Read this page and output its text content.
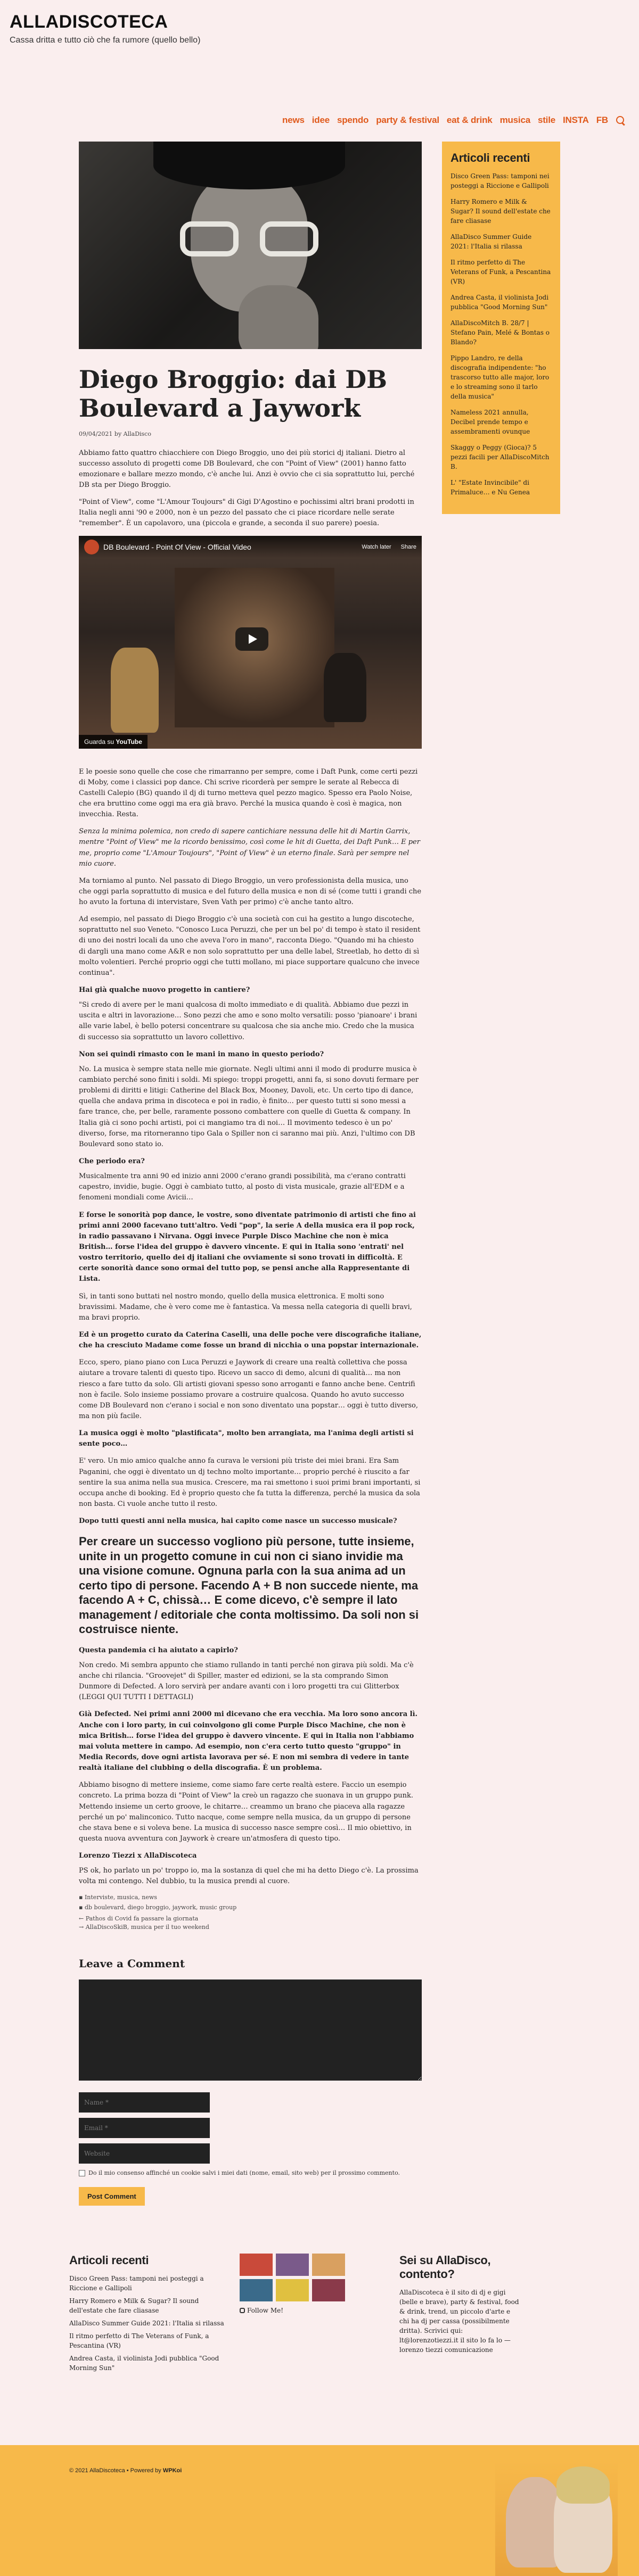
ALLADISCOTECA
Cassa dritta e tutto ciò che fa rumore (quello bello)
news idee spendo party & festival eat & drink musica stile INSTA FB
Diego Broggio: dai DB Boulevard a Jaywork
09/04/2021 by AllaDisco

Abbiamo fatto quattro chiacchiere con Diego Broggio, uno dei più storici dj italiani. Dietro al successo assoluto di progetti come DB Boulevard, che con "Point of View" (2001) hanno fatto emozionare e ballare mezzo mondo, c'è anche lui. Anzi è ovvio che ci sia soprattutto lui, perché DB sta per Diego Broggio.

"Point of View", come "L'Amour Toujours" di Gigi D'Agostino e pochissimi altri brani prodotti in Italia negli anni '90 e 2000, non è un pezzo del passato che ci piace ricordare nelle serate "remember". È un capolavoro, una (piccola e grande, a seconda il suo parere) poesia.

DB Boulevard - Point Of View - Official Video	Watch later Share
Guarda su YouTube

E le poesie sono quelle che cose che rimarranno per sempre, come i Daft Punk, come certi pezzi di Moby, come i classici pop dance. Chi scrive ricorderà per sempre le serate al Rebecca di Castelli Calepio (BG) quando il dj di turno metteva quel pezzo magico. Spesso era Paolo Noise, che era bruttino come oggi ma era già bravo. Perché la musica quando è così è magica, non invecchia. Resta.

Senza la minima polemica, non credo di sapere cantichiare nessuna delle hit di Martin Garrix, mentre "Point of View" me la ricordo benissimo, così come le hit di Guetta, dei Daft Punk… E per me, proprio come "L'Amour Toujours", "Point of View" è un eterno finale. Sarà per sempre nel mio cuore.

Ma torniamo al punto. Nel passato di Diego Broggio, un vero professionista della musica, uno che oggi parla soprattutto di musica e del futuro della musica e non di sé (come tutti i grandi che ho avuto la fortuna di intervistare, Sven Vath per primo) c'è anche tanto altro.

Ad esempio, nel passato di Diego Broggio c'è una società con cui ha gestito a lungo discoteche, soprattutto nel suo Veneto. "Conosco Luca Peruzzi, che per un bel po' di tempo è stato il resident di uno dei nostri locali da uno che aveva l'oro in mano", racconta Diego. "Quando mi ha chiesto di dargli una mano come A&R e non solo soprattutto per una delle label, Streetlab, ho detto di sì molto volentieri. Perché proprio oggi che tutti mollano, mi piace supportare qualcuno che invece continua".

Hai già qualche nuovo progetto in cantiere?

"Si credo di avere per le mani qualcosa di molto immediato e di qualità. Abbiamo due pezzi in uscita e altri in lavorazione… Sono pezzi che amo e sono molto versatili: posso 'pianoare' i brani alle varie label, è bello potersi concentrare su qualcosa che sia anche mio. Credo che la musica di successo sia soprattutto un lavoro collettivo.

Non sei quindi rimasto con le mani in mano in questo periodo?

No. La musica è sempre stata nelle mie giornate. Negli ultimi anni il modo di produrre musica è cambiato perché sono finiti i soldi. Mi spiego: troppi progetti, anni fa, si sono dovuti fermare per problemi di diritti e litigi: Catherine del Black Box, Mooney, Davoli, etc. Un certo tipo di dance, quella che andava prima in discoteca e poi in radio, è finito… per questo tutti si sono messi a fare trance, che, per belle, raramente possono combattere con quelle di Guetta & company. In Italia già ci sono pochi artisti, poi ci mangiamo tra di noi… Il movimento tedesco è un po' diverso, forse, ma ritorneranno tipo Gala o Spiller non ci saranno mai più. Anzi, l'ultimo con DB Boulevard sono stato io.

Che periodo era?

Musicalmente tra anni 90 ed inizio anni 2000 c'erano grandi possibilità, ma c'erano contratti capestro, invidie, bugie. Oggi è cambiato tutto, al posto di vista musicale, grazie all'EDM e a fenomeni mondiali come Avicii…

E forse le sonorità pop dance, le vostre, sono diventate patrimonio di artisti che fino ai primi anni 2000 facevano tutt'altro. Vedi "pop", la serie A della musica era il pop rock, in radio passavano i Nirvana. Oggi invece Purple Disco Machine che non è mica British… forse l'idea del gruppo è davvero vincente. E qui in Italia sono 'entrati' nel vostro territorio, quello dei dj italiani che ovviamente si sono trovati in difficoltà. E certe sonorità dance sono ormai del tutto pop, se pensi anche alla Rappresentante di Lista.

Sì, in tanti sono buttati nel nostro mondo, quello della musica elettronica. E molti sono bravissimi. Madame, che è vero come me è fantastica. Va messa nella categoria di quelli bravi, ma bravi proprio.

Ed è un progetto curato da Caterina Caselli, una delle poche vere discografiche italiane, che ha cresciuto Madame come fosse un brand di nicchia o una popstar internazionale.

Ecco, spero, piano piano con Luca Peruzzi e Jaywork di creare una realtà collettiva che possa aiutare a trovare talenti di questo tipo. Ricevo un sacco di demo, alcuni di qualità… ma non riesco a fare tutto da solo. Gli artisti giovani spesso sono arroganti e fanno anche bene. Centrifi non è facile. Solo insieme possiamo provare a costruire qualcosa. Quando ho avuto successo come DB Boulevard non c'erano i social e non sono diventato una popstar… oggi è tutto diverso, ma non più facile.

La musica oggi è molto "plastificata", molto ben arrangiata, ma l'anima degli artisti si sente poco…

E' vero. Un mio amico qualche anno fa curava le versioni più triste dei miei brani. Era Sam Paganini, che oggi è diventato un dj techno molto importante… proprio perché è riuscito a far sentire la sua anima nella sua musica. Crescere, ma rai smettono i suoi primi brani importanti, si occupa anche di booking. Ed è proprio questo che fa tutta la differenza, perché la musica da sola non basta. Ci vuole anche tutto il resto.

Dopo tutti questi anni nella musica, hai capito come nasce un successo musicale?

Per creare un successo vogliono più persone, tutte insieme, unite in un progetto comune in cui non ci siano invidie ma una visione comune. Ognuna parla con la sua anima ad un certo tipo di persone. Facendo A + B non succede niente, ma facendo A + C, chissà… E come dicevo, c'è sempre il lato management / editoriale che conta moltissimo. Da soli non si costruisce niente.

Questa pandemia ci ha aiutato a capirlo?

Non credo. Mi sembra appunto che stiamo rullando in tanti perché non girava più soldi. Ma c'è anche chi rilancia. "Groovejet" di Spiller, master ed edizioni, se la sta comprando Simon Dunmore di Defected. A loro servirà per andare avanti con i loro progetti tra cui Glitterbox (LEGGI QUI TUTTI I DETTAGLI)

Già Defected. Nei primi anni 2000 mi dicevano che era vecchia. Ma loro sono ancora lì. Anche con i loro party, in cui coinvolgono gli come Purple Disco Machine, che non è mica British… forse l'idea del gruppo è davvero vincente. E qui in Italia non l'abbiamo mai voluta mettere in campo. Ad esempio, non c'era certo tutto questo "gruppo" in Media Records, dove ogni artista lavorava per sé. E non mi sembra di vedere in tante realtà italiane del clubbing o della discografia. È un problema.

Abbiamo bisogno di mettere insieme, come siamo fare certe realtà estere. Faccio un esempio concreto. La prima bozza di "Point of View" la creò un ragazzo che suonava in un gruppo punk. Mettendo insieme un certo groove, le chitarre… creammo un brano che piaceva alla ragazze perché un po' malinconico. Tutto nacque, come sempre nella musica, da un gruppo di persone che stava bene e si voleva bene. La musica di successo nasce sempre così… Il mio obiettivo, in questa nuova avventura con Jaywork è creare un'atmosfera di questo tipo.

Lorenzo Tiezzi x AllaDiscoteca

PS ok, ho parlato un po' troppo io, ma la sostanza di quel che mi ha detto Diego c'è. La prossima volta mi contengo. Nel dubbio, tu la musica prendi al cuore.

▪ Interviste, musica, news
▪ db boulevard, diego broggio, jaywork, music group
← Pathos di Covid fa passare la giornata
→ AllaDiscoSkiB, musica per il tuo weekend
Leave a Comment
Name *
Email *
Website
Do il mio consenso affinché un cookie salvi i miei dati (nome, email, sito web) per il prossimo commento.
Post Comment
Articoli recenti
Disco Green Pass: tamponi nei posteggi a Riccione e Gallipoli
Harry Romero e Milk & Sugar? Il sound dell'estate che fare cliasase
AllaDisco Summer Guide 2021: l'Italia si rilassa
Il ritmo perfetto di The Veterans of Funk, a Pescantina (VR)
Andrea Casta, il violinista Jodi pubblica "Good Morning Sun"
AllaDiscoMitch B. 28/7 | Stefano Pain, Melé & Bontas o Blando?
Pippo Landro, re della discografia indipendente: "ho trascorso tutto alle major, loro e lo streaming sono il tarlo della musica"
Nameless 2021 annulla, Decibel prende tempo e assembramenti ovunque
Skaggy o Peggy (Gioca)? 5 pezzi facili per AllaDiscoMitch B.
L' "Estate Invincibile" di Primaluce… e Nu Genea
Articoli recenti
Disco Green Pass: tamponi nei posteggi a Riccione e Gallipoli
Harry Romero e Milk & Sugar? Il sound dell'estate che fare cliasase
AllaDisco Summer Guide 2021: l'Italia si rilassa
Il ritmo perfetto di The Veterans of Funk, a Pescantina (VR)
Andrea Casta, il violinista Jodi pubblica "Good Morning Sun"
Follow Me!
Sei su AllaDisco, contento?

AllaDiscoteca è il sito di dj e gigi (belle e brave), party & festival, food & drink, trend, un piccolo d'arte e chi ha dj per cassa (possibilmente dritta). Scrivici qui: lt@lorenzotiezzi.it il sito lo fa lo — lorenzo tiezzi comunicazione

© 2021 AllaDiscoteca • Powered by WPKoi
